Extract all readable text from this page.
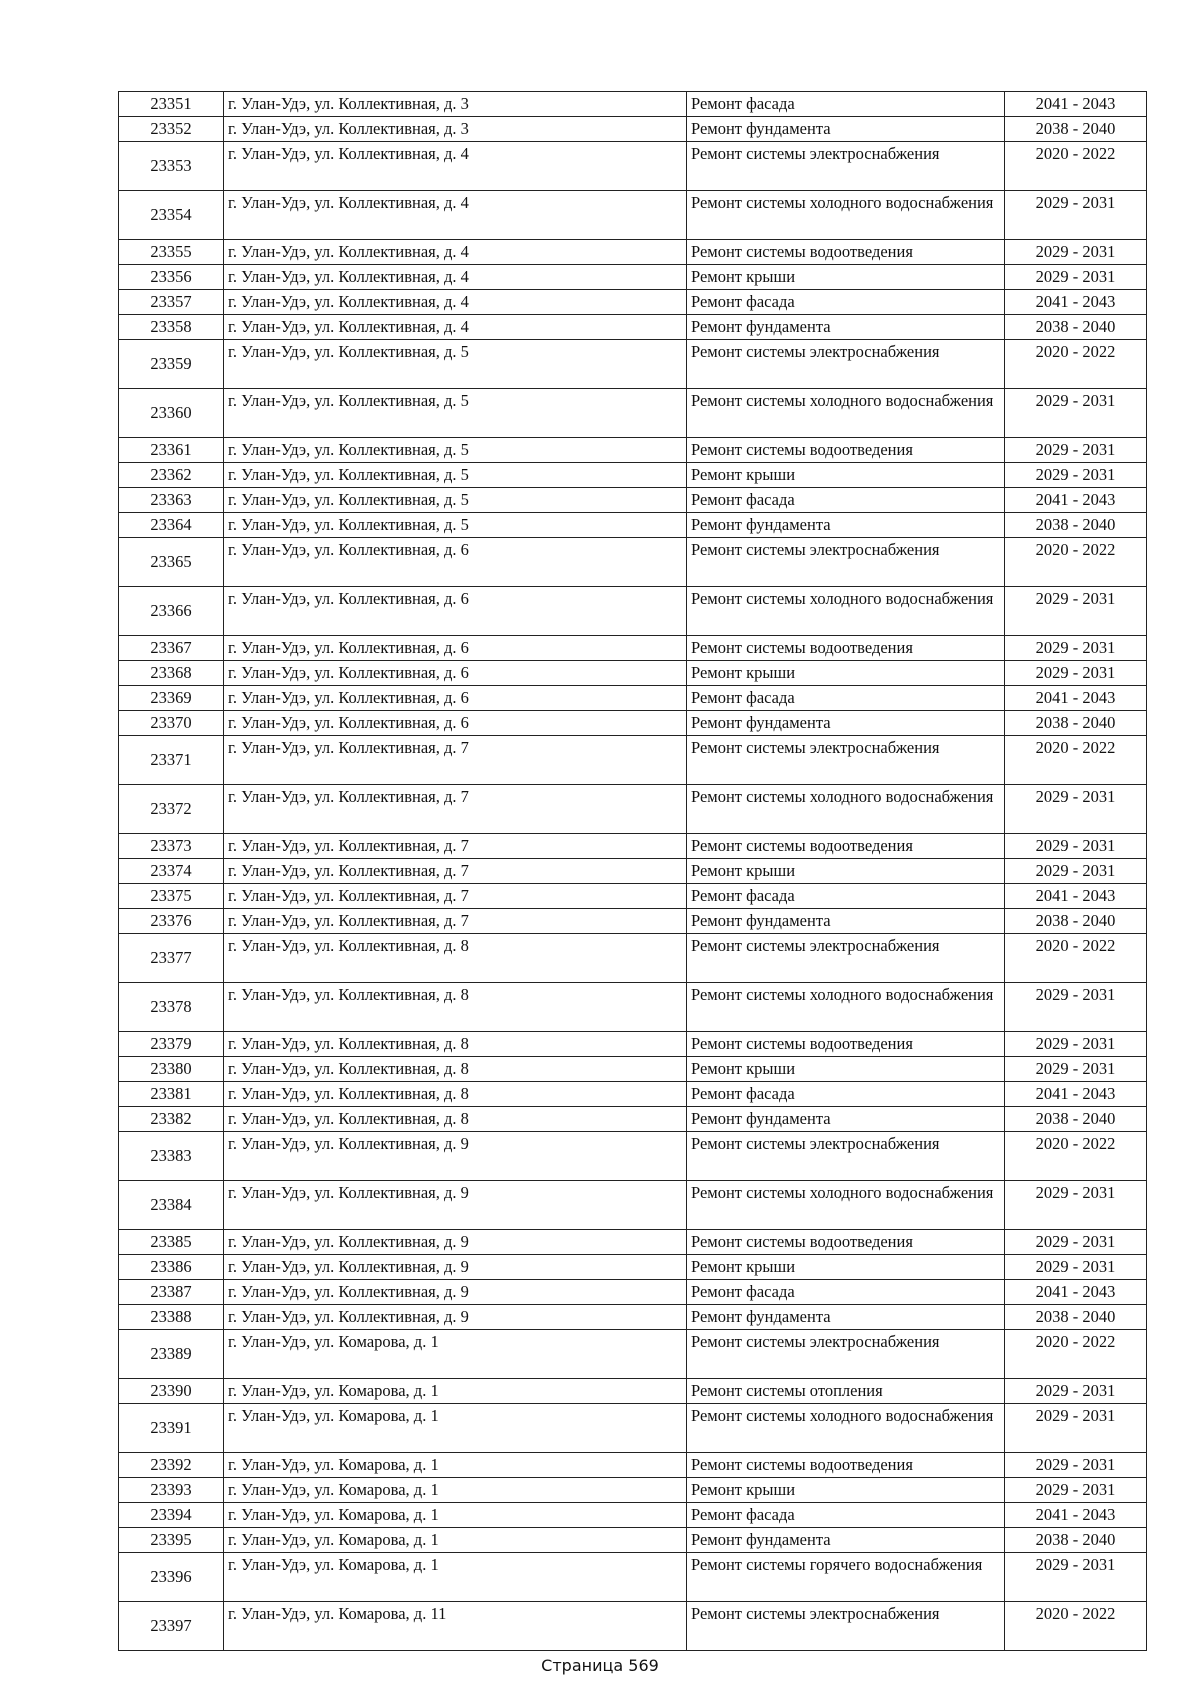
23351	г. Улан-Удэ, ул. Коллективная, д. 3	Ремонт фасада	2041 - 2043
23352	г. Улан-Удэ, ул. Коллективная, д. 3	Ремонт фундамента	2038 - 2040
23353	г. Улан-Удэ, ул. Коллективная, д. 4	Ремонт системы электроснабжения	2020 - 2022
23354	г. Улан-Удэ, ул. Коллективная, д. 4	Ремонт системы холодного водоснабжения	2029 - 2031
23355	г. Улан-Удэ, ул. Коллективная, д. 4	Ремонт системы водоотведения	2029 - 2031
23356	г. Улан-Удэ, ул. Коллективная, д. 4	Ремонт крыши	2029 - 2031
23357	г. Улан-Удэ, ул. Коллективная, д. 4	Ремонт фасада	2041 - 2043
23358	г. Улан-Удэ, ул. Коллективная, д. 4	Ремонт фундамента	2038 - 2040
23359	г. Улан-Удэ, ул. Коллективная, д. 5	Ремонт системы электроснабжения	2020 - 2022
23360	г. Улан-Удэ, ул. Коллективная, д. 5	Ремонт системы холодного водоснабжения	2029 - 2031
23361	г. Улан-Удэ, ул. Коллективная, д. 5	Ремонт системы водоотведения	2029 - 2031
23362	г. Улан-Удэ, ул. Коллективная, д. 5	Ремонт крыши	2029 - 2031
23363	г. Улан-Удэ, ул. Коллективная, д. 5	Ремонт фасада	2041 - 2043
23364	г. Улан-Удэ, ул. Коллективная, д. 5	Ремонт фундамента	2038 - 2040
23365	г. Улан-Удэ, ул. Коллективная, д. 6	Ремонт системы электроснабжения	2020 - 2022
23366	г. Улан-Удэ, ул. Коллективная, д. 6	Ремонт системы холодного водоснабжения	2029 - 2031
23367	г. Улан-Удэ, ул. Коллективная, д. 6	Ремонт системы водоотведения	2029 - 2031
23368	г. Улан-Удэ, ул. Коллективная, д. 6	Ремонт крыши	2029 - 2031
23369	г. Улан-Удэ, ул. Коллективная, д. 6	Ремонт фасада	2041 - 2043
23370	г. Улан-Удэ, ул. Коллективная, д. 6	Ремонт фундамента	2038 - 2040
23371	г. Улан-Удэ, ул. Коллективная, д. 7	Ремонт системы электроснабжения	2020 - 2022
23372	г. Улан-Удэ, ул. Коллективная, д. 7	Ремонт системы холодного водоснабжения	2029 - 2031
23373	г. Улан-Удэ, ул. Коллективная, д. 7	Ремонт системы водоотведения	2029 - 2031
23374	г. Улан-Удэ, ул. Коллективная, д. 7	Ремонт крыши	2029 - 2031
23375	г. Улан-Удэ, ул. Коллективная, д. 7	Ремонт фасада	2041 - 2043
23376	г. Улан-Удэ, ул. Коллективная, д. 7	Ремонт фундамента	2038 - 2040
23377	г. Улан-Удэ, ул. Коллективная, д. 8	Ремонт системы электроснабжения	2020 - 2022
23378	г. Улан-Удэ, ул. Коллективная, д. 8	Ремонт системы холодного водоснабжения	2029 - 2031
23379	г. Улан-Удэ, ул. Коллективная, д. 8	Ремонт системы водоотведения	2029 - 2031
23380	г. Улан-Удэ, ул. Коллективная, д. 8	Ремонт крыши	2029 - 2031
23381	г. Улан-Удэ, ул. Коллективная, д. 8	Ремонт фасада	2041 - 2043
23382	г. Улан-Удэ, ул. Коллективная, д. 8	Ремонт фундамента	2038 - 2040
23383	г. Улан-Удэ, ул. Коллективная, д. 9	Ремонт системы электроснабжения	2020 - 2022
23384	г. Улан-Удэ, ул. Коллективная, д. 9	Ремонт системы холодного водоснабжения	2029 - 2031
23385	г. Улан-Удэ, ул. Коллективная, д. 9	Ремонт системы водоотведения	2029 - 2031
23386	г. Улан-Удэ, ул. Коллективная, д. 9	Ремонт крыши	2029 - 2031
23387	г. Улан-Удэ, ул. Коллективная, д. 9	Ремонт фасада	2041 - 2043
23388	г. Улан-Удэ, ул. Коллективная, д. 9	Ремонт фундамента	2038 - 2040
23389	г. Улан-Удэ, ул. Комарова, д. 1	Ремонт системы электроснабжения	2020 - 2022
23390	г. Улан-Удэ, ул. Комарова, д. 1	Ремонт системы отопления	2029 - 2031
23391	г. Улан-Удэ, ул. Комарова, д. 1	Ремонт системы холодного водоснабжения	2029 - 2031
23392	г. Улан-Удэ, ул. Комарова, д. 1	Ремонт системы водоотведения	2029 - 2031
23393	г. Улан-Удэ, ул. Комарова, д. 1	Ремонт крыши	2029 - 2031
23394	г. Улан-Удэ, ул. Комарова, д. 1	Ремонт фасада	2041 - 2043
23395	г. Улан-Удэ, ул. Комарова, д. 1	Ремонт фундамента	2038 - 2040
23396	г. Улан-Удэ, ул. Комарова, д. 1	Ремонт системы горячего водоснабжения	2029 - 2031
23397	г. Улан-Удэ, ул. Комарова, д. 11	Ремонт системы электроснабжения	2020 - 2022
Страница 569
